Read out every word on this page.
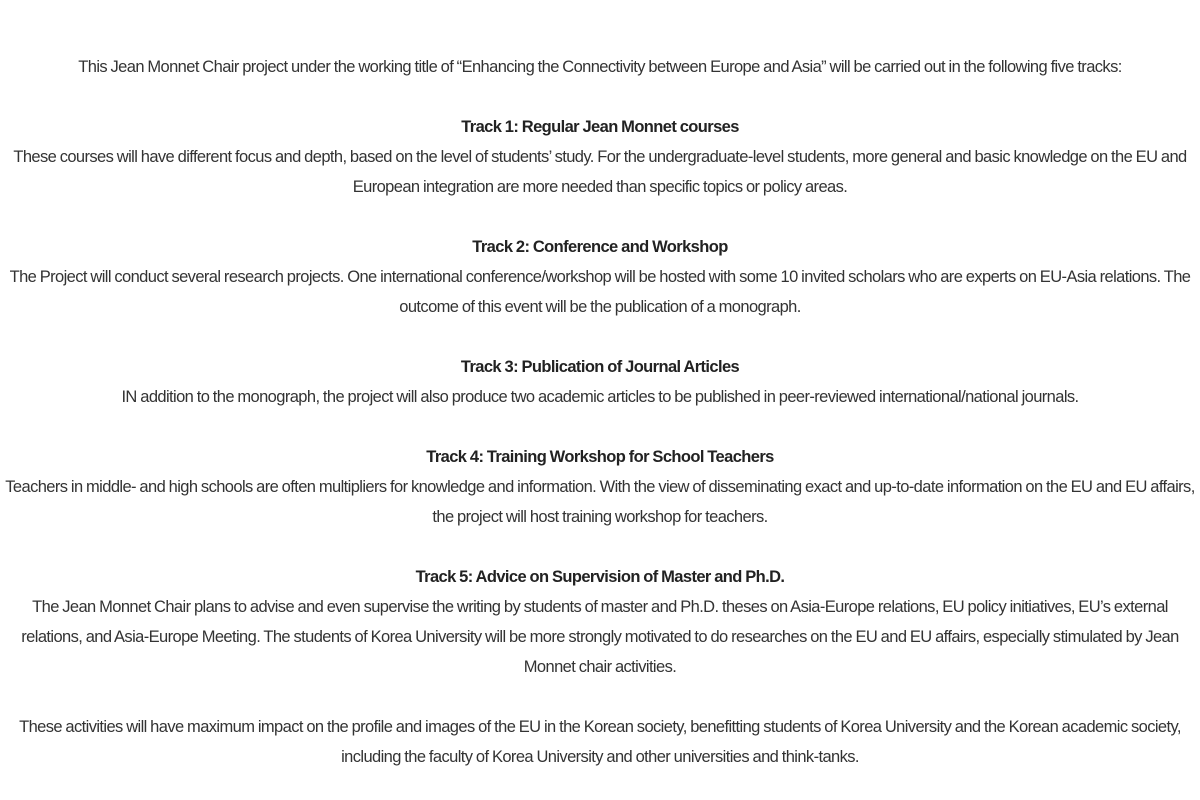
This Jean Monnet Chair project under the working title of “Enhancing the Connectivity between Europe and Asia” will be carried out in the following five tracks:

Track 1: Regular Jean Monnet courses

These courses will have different focus and depth, based on the level of students’ study. For the undergraduate-level students, more general and basic knowledge on the EU and European integration are more needed than specific topics or policy areas.

Track 2: Conference and Workshop

The Project will conduct several research projects. One international conference/workshop will be hosted with some 10 invited scholars who are experts on EU-Asia relations. The outcome of this event will be the publication of a monograph.

Track 3: Publication of Journal Articles

IN addition to the monograph, the project will also produce two academic articles to be published in peer-reviewed international/national journals.

Track 4: Training Workshop for School Teachers

Teachers in middle- and high schools are often multipliers for knowledge and information. With the view of disseminating exact and up-to-date information on the EU and EU affairs, the project will host training workshop for teachers.

Track 5: Advice on Supervision of Master and Ph.D.

The Jean Monnet Chair plans to advise and even supervise the writing by students of master and Ph.D. theses on Asia-Europe relations, EU policy initiatives, EU’s external relations, and Asia-Europe Meeting. The students of Korea University will be more strongly motivated to do researches on the EU and EU affairs, especially stimulated by Jean Monnet chair activities.

These activities will have maximum impact on the profile and images of the EU in the Korean society, benefitting students of Korea University and the Korean academic society, including the faculty of Korea University and other universities and think-tanks.
